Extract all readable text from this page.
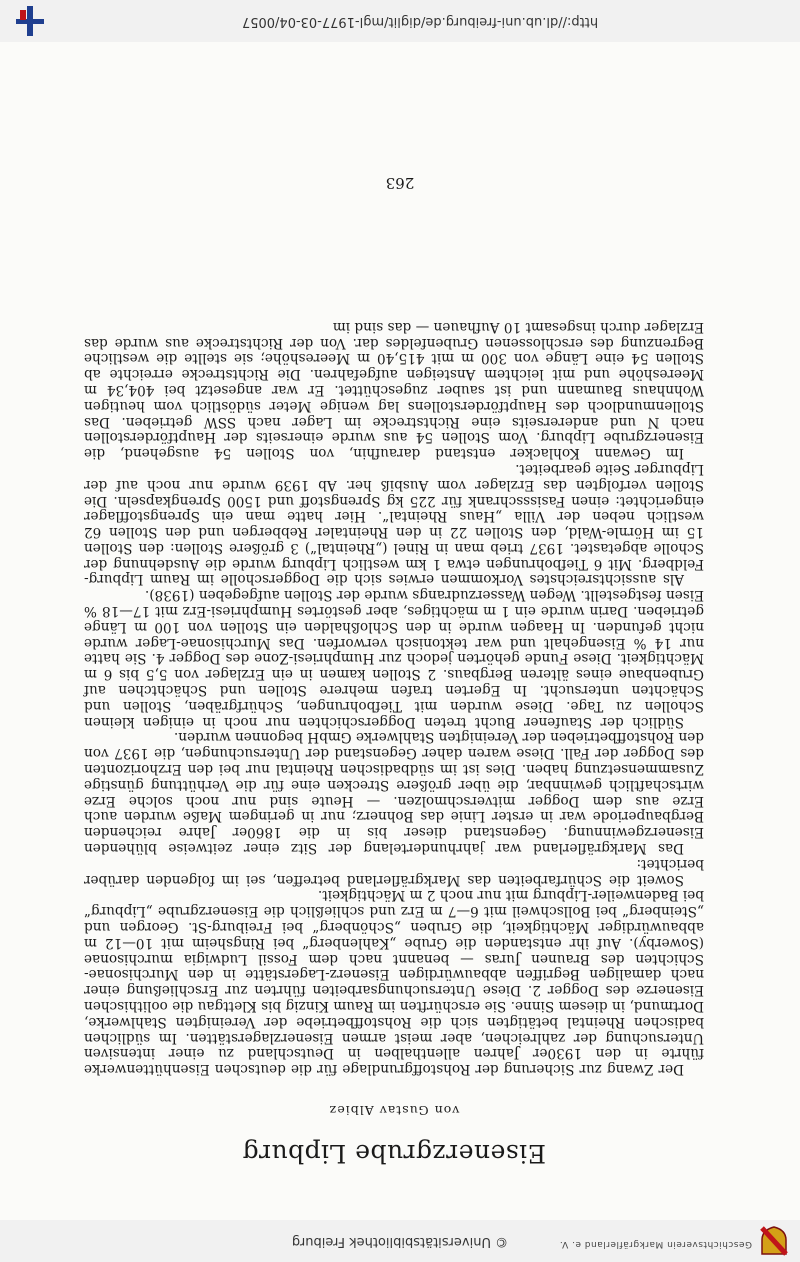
Geschichtsverein Markgräflerland e. V.
© Universitätsbibliothek Freiburg
Eisenerzgrube Lipburg
von Gustav Albiez

Der Zwang zur Sicherung der Rohstoffgrundlage für die deutschen Eisenhüttenwerke führte in den 1930er Jahren allenthalben in Deutschland zu einer intensiven Untersuchung der zahlreichen, aber meist armen Eisenerzlagerstätten. Im südlichen badischen Rheintal betätigten sich die Rohstoffbetriebe der Vereinigten Stahlwerke, Dortmund, in diesem Sinne. Sie erschürften im Raum Kinzig bis Klettgau die oolithischen Eisenerze des Dogger 2. Diese Untersuchungsarbeiten führten zur Erschließung einer nach damaligen Begriffen abbauwürdigen Eisenerz-Lagerstätte in den Murchisonae-Schichten des Braunen Juras — benannt nach dem Fossil Ludwigia murchisonae (Sowerby). Auf ihr entstanden die Grube „Kahlenberg“ bei Ringsheim mit 10—12 m abbauwürdiger Mächtigkeit, die Gruben „Schönberg“ bei Freiburg-St. Georgen und „Steinberg“ bei Bollschweil mit 6—7 m Erz und schließlich die Eisenerzgrube „Lipburg“ bei Badenweiler-Lipburg mit nur noch 2 m Mächtigkeit.

Soweit die Schürfarbeiten das Markgräflerland betreffen, sei im folgenden darüber berichtet:

Das Markgräflerland war jahrhundertelang der Sitz einer zeitweise blühenden Eisenerzgewinnung. Gegenstand dieser bis in die 1860er Jahre reichenden Bergbauperiode war in erster Linie das Bohnerz; nur in geringem Maße wurden auch Erze aus dem Dogger mitverschmolzen. — Heute sind nur noch solche Erze wirtschaftlich gewinnbar, die über größere Strecken eine für die Verhüttung günstige Zusammensetzung haben. Dies ist im südbadischen Rheintal nur bei den Erzhorizonten des Dogger der Fall. Diese waren daher Gegenstand der Untersuchungen, die 1937 von den Rohstoffbetrieben der Vereinigten Stahlwerke GmbH begonnen wurden.

Südlich der Staufener Bucht treten Doggerschichten nur noch in einigen kleinen Schollen zu Tage. Diese wurden mit Tiefbohrungen, Schürfgräben, Stollen und Schächten untersucht. In Egerten trafen mehrere Stollen und Schächtchen auf Grubenbaue eines älteren Bergbaus. 2 Stollen kamen in ein Erzlager von 5,5 bis 6 m Mächtigkeit. Diese Funde gehörten jedoch zur Humphriesi-Zone des Dogger 4. Sie hatte nur 14 % Eisengehalt und war tektonisch verworfen. Das Murchisonae-Lager wurde nicht gefunden. In Haagen wurde in den Schloßhalden ein Stollen von 100 m Länge getrieben. Darin wurde ein 1 m mächtiges, aber gestörtes Humphriesi-Erz mit 17—18 % Eisen festgestellt. Wegen Wasserzudrangs wurde der Stollen aufgegeben (1938).

Als aussichtsreichstes Vorkommen erwies sich die Doggerscholle im Raum Lipburg-Feldberg. Mit 6 Tiefbohrungen etwa 1 km westlich Lipburg wurde die Ausdehnung der Scholle abgetastet. 1937 trieb man in Rinel („Rheintal“) 3 größere Stollen: den Stollen 15 im Hörnle-Wald, den Stollen 22 in den Rheintaler Rebbergen und den Stollen 62 westlich neben der Villa „Haus Rheintal“. Hier hatte man ein Sprengstofflager eingerichtet: einen Fasissschrank für 225 kg Sprengstoff und 1500 Sprengkapseln. Die Stollen verfolgten das Erzlager vom Ausbiß her. Ab 1939 wurde nur noch auf der Lipburger Seite gearbeitet.

Im Gewann Kohlacker entstand daraufhin, von Stollen 54 ausgehend, die Eisenerzgrube Lipburg. Vom Stollen 54 aus wurde einerseits der Hauptförderstollen nach N und andererseits eine Richtstrecke im Lager nach SSW getrieben. Das Stollenmundloch des Hauptförderstollens lag wenige Meter südöstlich vom heutigen Wohnhaus Baumann und ist sauber zugeschüttet. Er war angesetzt bei 404,34 m Meereshöhe und mit leichtem Ansteigen aufgefahren. Die Richtstrecke erreichte ab Stollen 54 eine Länge von 300 m mit 415,40 m Meereshöhe; sie stellte die westliche Begrenzung des erschlossenen Grubenfeldes dar. Von der Richtstrecke aus wurde das Erzlager durch insgesamt 10 Aufhauen — das sind im

263
http://dl.ub.uni-freiburg.de/diglit/mgl-1977-03-04/0057
